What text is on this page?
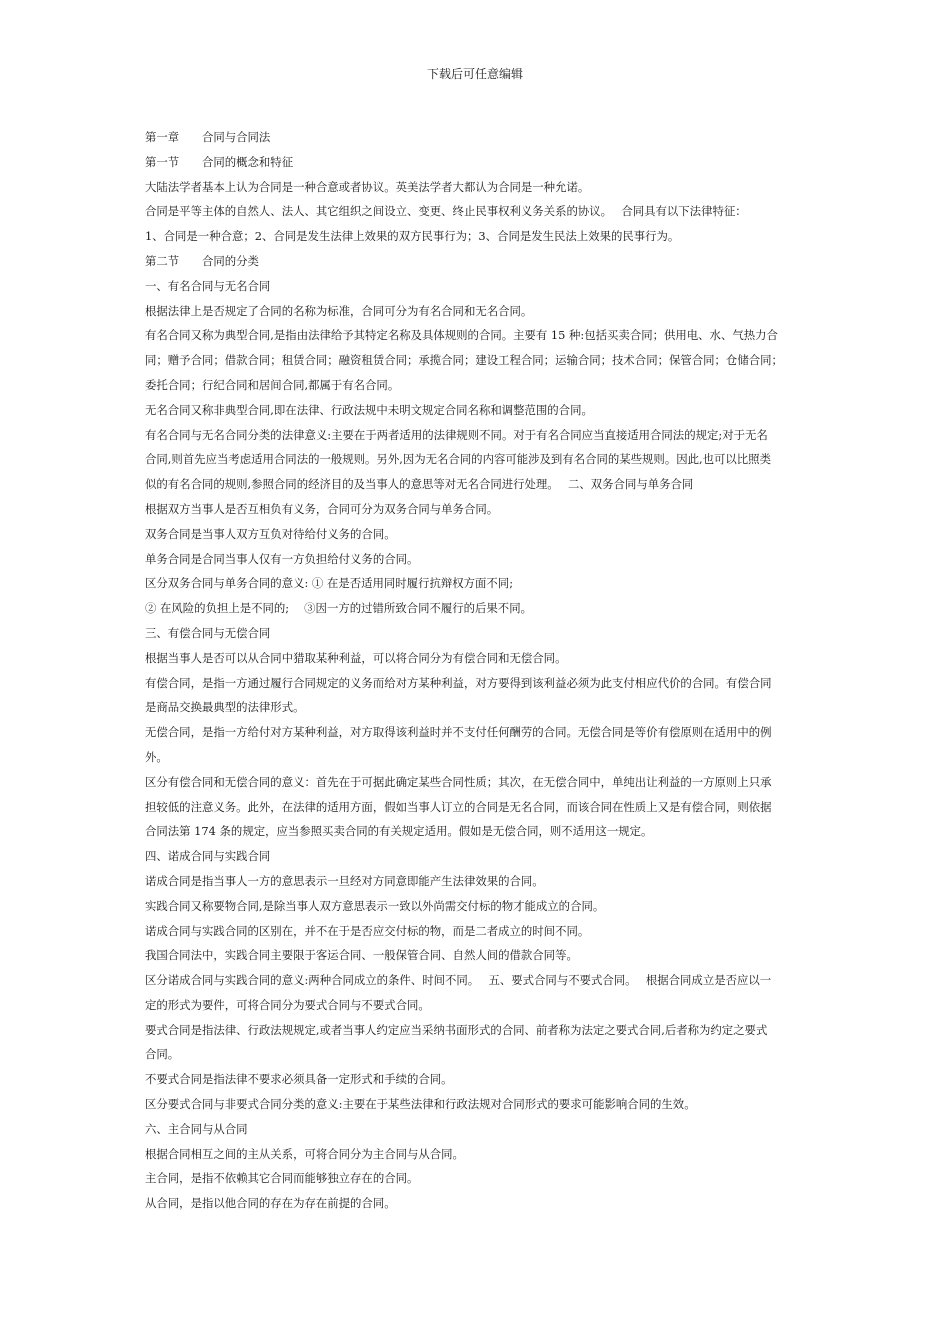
下载后可任意编辑

第一章　　合同与合同法

第一节　　合同的概念和特征

大陆法学者基本上认为合同是一种合意或者协议。英美法学者大都认为合同是一种允诺。

合同是平等主体的自然人、法人、其它组织之间设立、变更、终止民事权利义务关系的协议。　 合同具有以下法律特征：

1、合同是一种合意；2、合同是发生法律上效果的双方民事行为；3、合同是发生民法上效果的民事行为。

第二节　　合同的分类

一、有名合同与无名合同

根据法律上是否规定了合同的名称为标准，合同可分为有名合同和无名合同。

有名合同又称为典型合同,是指由法律给予其特定名称及具体规则的合同。主要有 15 种:包括买卖合同；供用电、水、气热力合

同；赠予合同；借款合同；租赁合同；融资租赁合同；承揽合同；建设工程合同；运输合同；技术合同；保管合同；仓储合同；

委托合同；行纪合同和居间合同,都属于有名合同。

无名合同又称非典型合同,即在法律、行政法规中未明文规定合同名称和调整范围的合同。

有名合同与无名合同分类的法律意义:主要在于两者适用的法律规则不同。对于有名合同应当直接适用合同法的规定;对于无名

合同,则首先应当考虑适用合同法的一般规则。另外,因为无名合同的内容可能涉及到有名合同的某些规则。因此,也可以比照类

似的有名合同的规则,参照合同的经济目的及当事人的意思等对无名合同进行处理。　 二、双务合同与单务合同

根据双方当事人是否互相负有义务，合同可分为双务合同与单务合同。

双务合同是当事人双方互负对待给付义务的合同。

单务合同是合同当事人仅有一方负担给付义务的合同。

区分双务合同与单务合同的意义: ① 在是否适用同时履行抗辩权方面不同;

② 在风险的负担上是不同的;　 ③因一方的过错所致合同不履行的后果不同。

三、有偿合同与无偿合同

根据当事人是否可以从合同中猎取某种利益，可以将合同分为有偿合同和无偿合同。

有偿合同，是指一方通过履行合同规定的义务而给对方某种利益，对方要得到该利益必须为此支付相应代价的合同。有偿合同

是商品交换最典型的法律形式。

无偿合同，是指一方给付对方某种利益，对方取得该利益时并不支付任何酬劳的合同。无偿合同是等价有偿原则在适用中的例

外。

区分有偿合同和无偿合同的意义：首先在于可据此确定某些合同性质；其次，在无偿合同中，单纯出让利益的一方原则上只承

担较低的注意义务。此外，在法律的适用方面，假如当事人订立的合同是无名合同，而该合同在性质上又是有偿合同，则依据

合同法第 174 条的规定，应当参照买卖合同的有关规定适用。假如是无偿合同，则不适用这一规定。

四、诺成合同与实践合同

诺成合同是指当事人一方的意思表示一旦经对方同意即能产生法律效果的合同。

实践合同又称要物合同,是除当事人双方意思表示一致以外尚需交付标的物才能成立的合同。

诺成合同与实践合同的区别在，并不在于是否应交付标的物，而是二者成立的时间不同。

我国合同法中，实践合同主要限于客运合同、一般保管合同、自然人间的借款合同等。

区分诺成合同与实践合同的意义:两种合同成立的条件、时间不同。　 五、要式合同与不要式合同。　 根据合同成立是否应以一

定的形式为要件，可将合同分为要式合同与不要式合同。

要式合同是指法律、行政法规规定,或者当事人约定应当采纳书面形式的合同、前者称为法定之要式合同,后者称为约定之要式

合同。

不要式合同是指法律不要求必须具备一定形式和手续的合同。

区分要式合同与非要式合同分类的意义:主要在于某些法律和行政法规对合同形式的要求可能影响合同的生效。

六、主合同与从合同

根据合同相互之间的主从关系，可将合同分为主合同与从合同。

主合同，是指不依赖其它合同而能够独立存在的合同。

从合同，是指以他合同的存在为存在前提的合同。
